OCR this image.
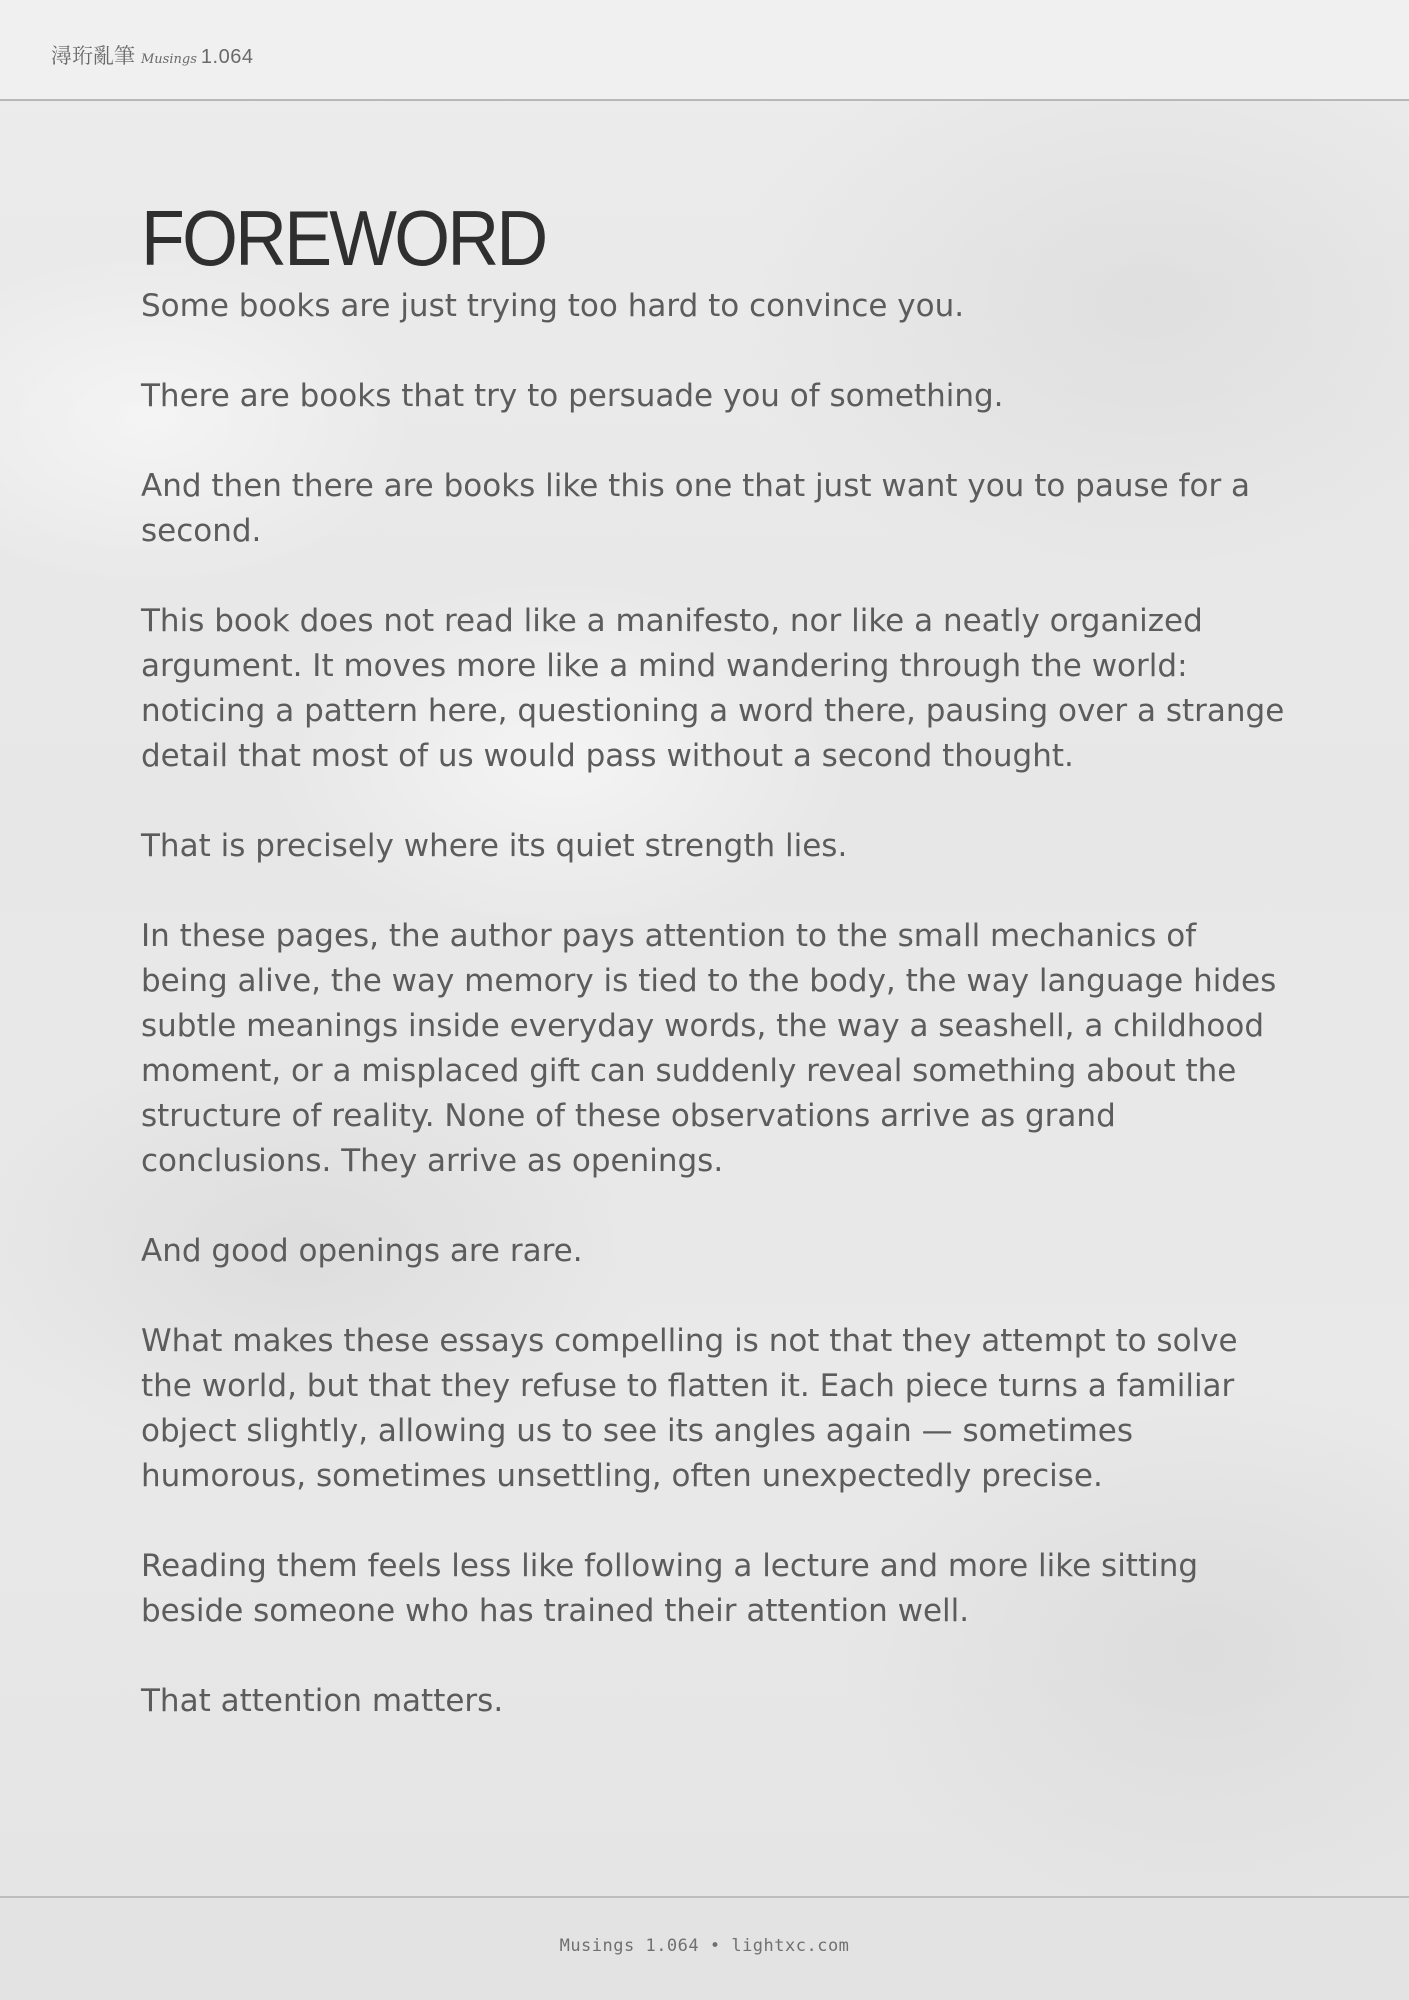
潯珩亂筆 Musings 1.064
FOREWORD

Some books are just trying too hard to convince you.

There are books that try to persuade you of something.

And then there are books like this one that just want you to pause for a second.

This book does not read like a manifesto, nor like a neatly organized argument. It moves more like a mind wandering through the world: noticing a pattern here, questioning a word there, pausing over a strange detail that most of us would pass without a second thought.

That is precisely where its quiet strength lies.

In these pages, the author pays attention to the small mechanics of being alive, the way memory is tied to the body, the way language hides subtle meanings inside everyday words, the way a seashell, a childhood moment, or a misplaced gift can suddenly reveal something about the structure of reality. None of these observations arrive as grand conclusions. They arrive as openings.

And good openings are rare.

What makes these essays compelling is not that they attempt to solve the world, but that they refuse to flatten it. Each piece turns a familiar object slightly, allowing us to see its angles again — sometimes humorous, sometimes unsettling, often unexpectedly precise.

Reading them feels less like following a lecture and more like sitting beside someone who has trained their attention well.

That attention matters.

Musings 1.064 • lightxc.com
